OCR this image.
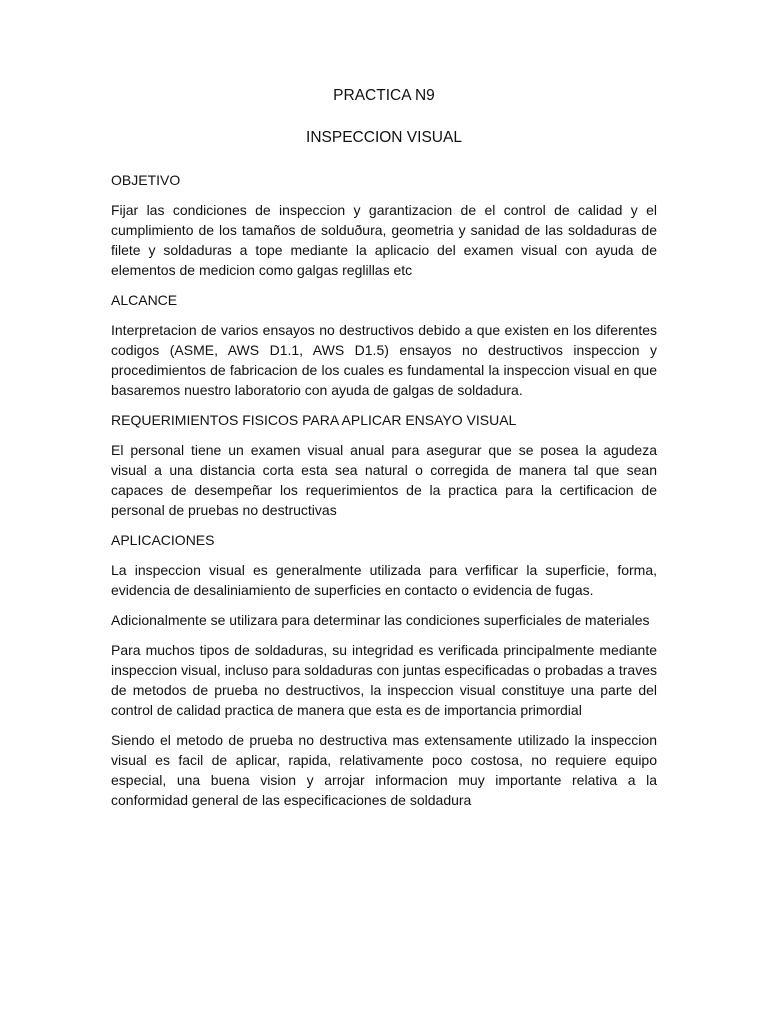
PRACTICA N9
INSPECCION VISUAL
OBJETIVO

Fijar las condiciones de inspeccion y garantizacion de el control de calidad y el cumplimiento de los tamaños de solduðura, geometria y sanidad de las soldaduras de filete y soldaduras a tope mediante la aplicacio del examen visual con ayuda de elementos de medicion como galgas reglillas etc

ALCANCE

Interpretacion de varios ensayos no destructivos debido a que existen en los diferentes codigos (ASME, AWS D1.1, AWS D1.5) ensayos no destructivos inspeccion y procedimientos de fabricacion de los cuales es fundamental la inspeccion visual en que basaremos nuestro laboratorio con ayuda de galgas de soldadura.

REQUERIMIENTOS FISICOS PARA APLICAR ENSAYO VISUAL

El personal tiene un examen visual anual para asegurar que se posea la agudeza visual a una distancia corta esta sea natural o corregida de manera tal que sean capaces de desempeñar los requerimientos de la practica para la certificacion de personal de pruebas no destructivas

APLICACIONES

La inspeccion visual es generalmente utilizada para verfificar la superficie, forma, evidencia de desaliniamiento de superficies en contacto o evidencia de fugas.

Adicionalmente se utilizara para determinar las condiciones superficiales de materiales

Para muchos tipos de soldaduras, su integridad es verificada principalmente mediante inspeccion visual, incluso para soldaduras con juntas especificadas o probadas a traves de metodos de prueba no destructivos, la inspeccion visual constituye una parte del control de calidad practica de manera que esta es de importancia primordial

Siendo el metodo de prueba no destructiva mas extensamente utilizado la inspeccion visual es facil de aplicar, rapida, relativamente poco costosa, no requiere equipo especial, una buena vision y arrojar informacion muy importante relativa a la conformidad general de las especificaciones de soldadura
